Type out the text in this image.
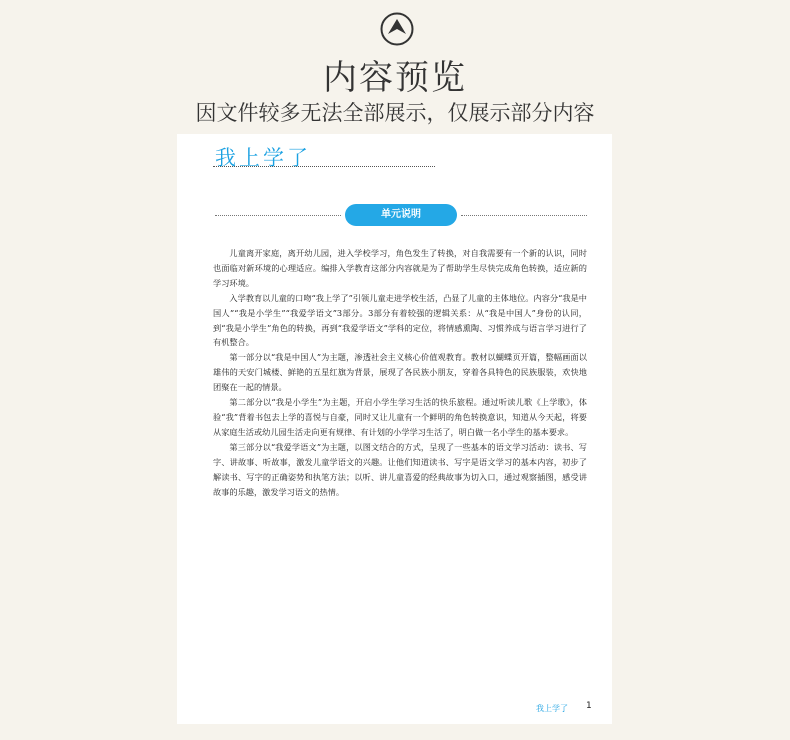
内容预览
因文件较多无法全部展示，仅展示部分内容
我上学了
单元说明

儿童离开家庭，离开幼儿园，进入学校学习，角色发生了转换，对自我需要有一个新的认识，同时也面临对新环境的心理适应。编排入学教育这部分内容就是为了帮助学生尽快完成角色转换，适应新的学习环境。

入学教育以儿童的口吻“我上学了”引领儿童走进学校生活，凸显了儿童的主体地位。内容分“我是中国人”“我是小学生”“我爱学语文”3部分。3部分有着较强的逻辑关系：从“我是中国人”身份的认同，到“我是小学生”角色的转换，再到“我爱学语文”学科的定位，将情感熏陶、习惯养成与语言学习进行了有机整合。

第一部分以“我是中国人”为主题，渗透社会主义核心价值观教育。教材以蝴蝶页开篇，整幅画面以雄伟的天安门城楼、鲜艳的五星红旗为背景，展现了各民族小朋友，穿着各具特色的民族服装，欢快地团聚在一起的情景。

第二部分以“我是小学生”为主题，开启小学生学习生活的快乐旅程。通过听读儿歌《上学歌》，体验“我”背着书包去上学的喜悦与自豪，同时又让儿童有一个鲜明的角色转换意识，知道从今天起，将要从家庭生活或幼儿园生活走向更有规律、有计划的小学学习生活了，明白做一名小学生的基本要求。

第三部分以“我爱学语文”为主题，以图文结合的方式，呈现了一些基本的语文学习活动：读书、写字、讲故事、听故事，激发儿童学语文的兴趣。让他们知道读书、写字是语文学习的基本内容，初步了解读书、写字的正确姿势和执笔方法；以听、讲儿童喜爱的经典故事为切入口，通过观察插图，感受讲故事的乐趣，激发学习语文的热情。

我上学了 1
